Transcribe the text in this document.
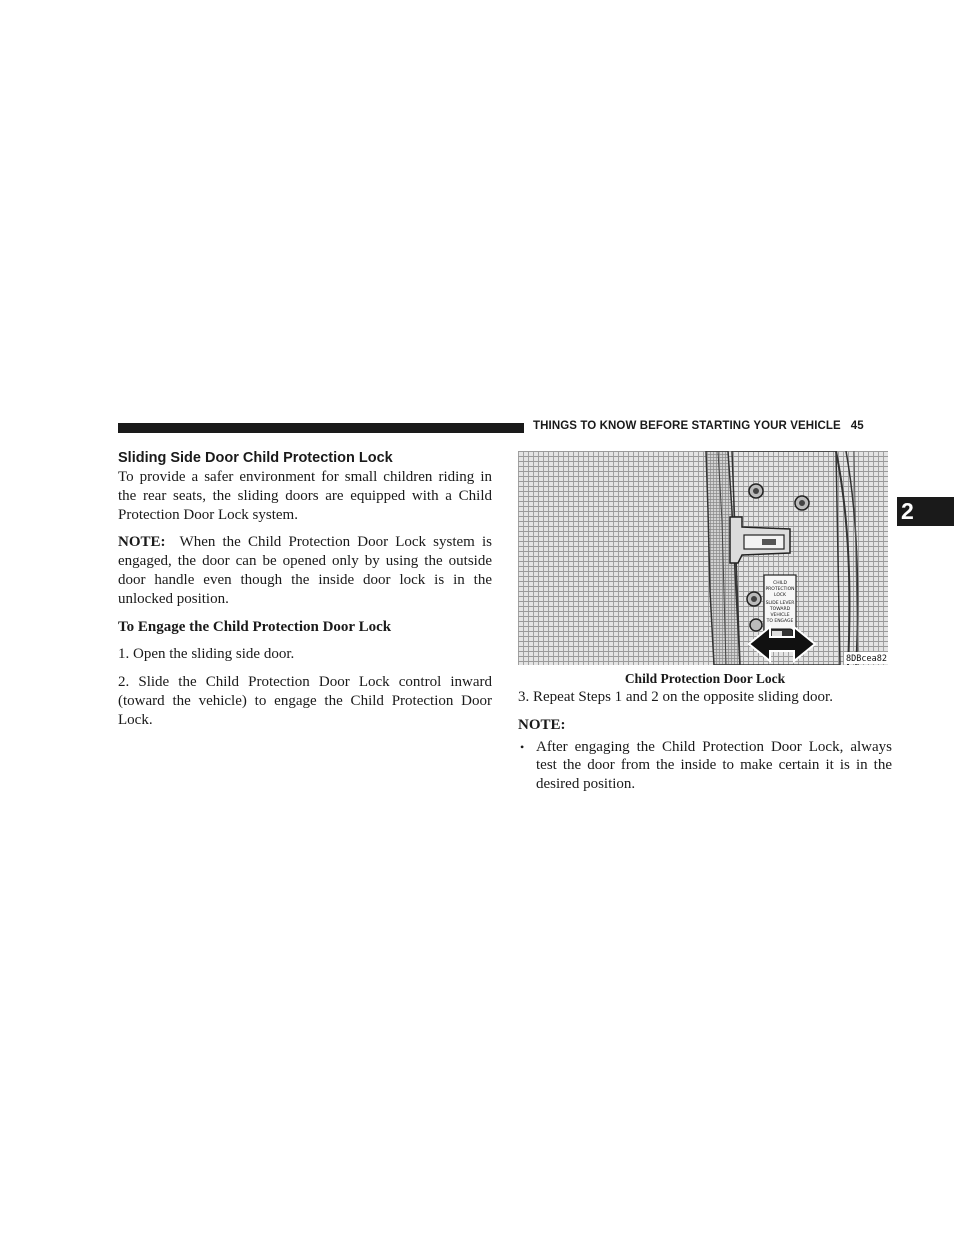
THINGS TO KNOW BEFORE STARTING YOUR VEHICLE 45
2
Sliding Side Door Child Protection Lock

To provide a safer environment for small children riding in the rear seats, the sliding doors are equipped with a Child Protection Door Lock system.

NOTE: When the Child Protection Door Lock system is engaged, the door can be opened only by using the outside door handle even though the inside door lock is in the unlocked position.

To Engage the Child Protection Door Lock

1. Open the sliding side door.

2. Slide the Child Protection Door Lock control inward (toward the vehicle) to engage the Child Protection Door Lock.

CHILD
PROTECTION
LOCK
SLIDE LEVER
TOWARD
VEHICLE
TO ENGAGE
8DBcea82
Child Protection Door Lock

3. Repeat Steps 1 and 2 on the opposite sliding door.

NOTE:

• After engaging the Child Protection Door Lock, always test the door from the inside to make certain it is in the desired position.
